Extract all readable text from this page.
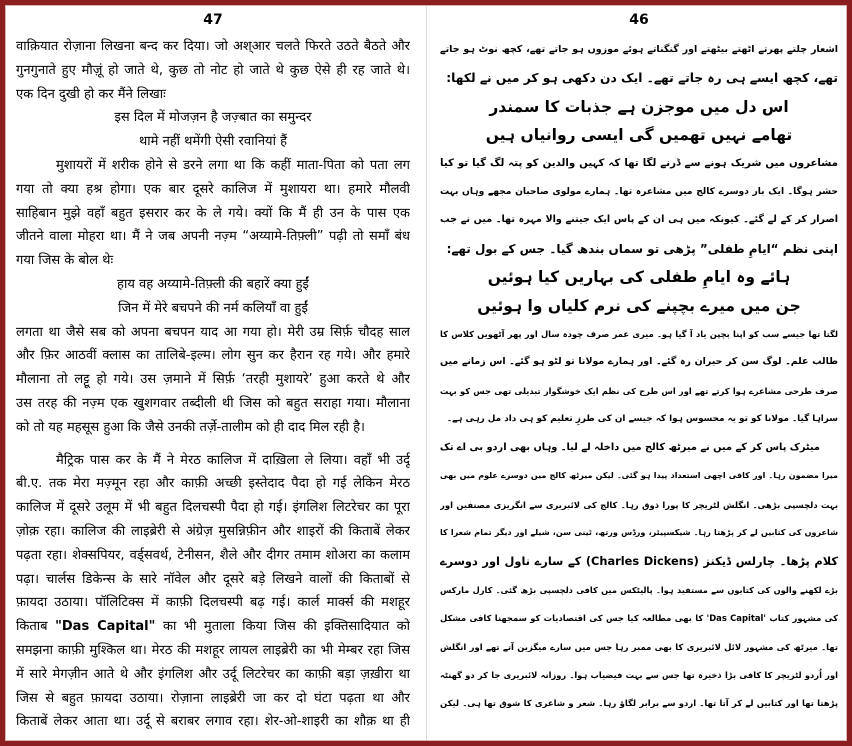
47
वाक़ियात रोज़ाना लिखना बन्द कर दिया। जो अश्आर चलते फिरते उठते बैठते और
गुनगुनाते हुए मौज़ूं हो जाते थे, कुछ तो नोट हो जाते थे कुछ ऐसे ही रह जाते थे।
एक दिन दुखी हो कर मैंने लिखाः
इस दिल में मोजज़न है जज़्बात का समुन्दर
थामे नहीं थमेंगी ऐसी रवानियां हैं
मुशायरों में शरीक होने से डरने लगा था कि कहीं माता-पिता को पता लग
गया तो क्या हश्र होगा। एक बार दूसरे कालिज में मुशायरा था। हमारे मौलवी
साहिबान मुझे वहाँ बहुत इसरार कर के ले गये। क्यों कि मैं ही उन के पास एक
जीतने वाला मोहरा था। मैं ने जब अपनी नज़्म “अय्यामे-तिफ़्ली” पढ़ी तो समाँ बंध
गया जिस के बोल थेः
हाय वह अय्यामे-तिफ़्ली की बहारें क्या हुईं
जिन में मेरे बचपने की नर्म कलियाँ वा हुईं
लगता था जैसे सब को अपना बचपन याद आ गया हो। मेरी उम्र सिर्फ़ चौदह साल
और फ़िर आठवीं क्लास का तालिबे-इल्म। लोग सुन कर हैरान रह गये। और हमारे
मौलाना तो लट्टू हो गये। उस ज़माने में सिर्फ़ ‘तरही मुशायरे’ हुआ करते थे और
उस तरह की नज़्म एक खुशगवार तब्दीली थी जिस को बहुत सराहा गया। मौलाना
को तो यह महसूस हुआ कि जैसे उनकी तर्ज़े-तालीम को ही दाद मिल रही है।
मैट्रिक पास कर के मैं ने मेरठ कालिज में दाख़िला ले लिया। वहाँ भी उर्दू
बी.ए. तक मेरा मज़्मून रहा और काफ़ी अच्छी इस्तेदाद पैदा हो गई लेकिन मेरठ
कालिज में दूसरे उलूम में भी बहुत दिलचस्पी पैदा हो गई। इंगलिश लिटरेचर का पूरा
ज़ोक़ रहा। कालिज की लाइब्रेरी से अंग्रेज़ मुसन्निफ़ीन और शाइरों की किताबें लेकर
पढ़ता रहा। शेक्सपियर, वर्ड्सवर्थ, टेनीसन, शैले और दीगर तमाम शोअरा का कलाम
पढ़ा। चार्लस डिकेन्स के सारे नॉवेल और दूसरे बड़े लिखने वालों की किताबों से
फ़ायदा उठाया। पॉलिटिक्स में काफ़ी दिलचस्पी बढ़ गई। कार्ल मार्क्स की मशहूर
किताब "Das Capital" का भी मुताला किया जिस की इक्तिसादियात को
समझना काफ़ी मुश्किल था। मेरठ की मशहूर लायल लाइब्रेरी का भी मेम्बर रहा जिस
में सारे मेगज़ीन आते थे और इंगलिश और उर्दू लिटरेचर का काफ़ी बड़ा ज़ख़ीरा था
जिस से बहुत फ़ायदा उठाया। रोज़ाना लाइब्रेरी जा कर दो घंटा पढ़ता था और
किताबें लेकर आता था। उर्दू से बराबर लगाव रहा। शेर-ओ-शाइरी का शौक़ था ही
46
اشعار چلتے پھرتے اٹھتے بیٹھتے اور گنگناتے ہوئے موزوں ہو جاتے تھے، کچھ نوٹ ہو جاتے
تھے، کچھ ایسے ہی رہ جاتے تھے۔ ایک دن دکھی ہو کر میں نے لکھا:
اس دل میں موجزن ہے جذبات کا سمندر
تھامے نہیں تھمیں گی ایسی روانیاں ہیں
مشاعروں میں شریک ہونے سے ڈرنے لگا تھا کہ کہیں والدین کو پتہ لگ گیا تو کیا
حشر ہوگا۔ ایک بار دوسرے کالج میں مشاعرہ تھا۔ ہمارے مولوی صاحبان مجھے وہاں بہت
اصرار کر کے لے گئے۔ کیونکہ میں ہی ان کے پاس ایک جیتنے والا مہرہ تھا۔ میں نے جب
اپنی نظم “ایامِ طفلی” پڑھی تو سماں بندھ گیا۔ جس کے بول تھے:
ہائے وہ ایامِ طفلی کی بہاریں کیا ہوئیں
جن میں میرے بچپنے کی نرم کلیاں وا ہوئیں
لگتا تھا جیسے سب کو اپنا بچپن یاد آ گیا ہو۔ میری عمر صرف چودہ سال اور پھر آٹھویں کلاس کا
طالب علم۔ لوگ سن کر حیران رہ گئے۔ اور ہمارے مولانا تو لٹو ہو گئے۔ اس زمانے میں
صرف طرحی مشاعرے ہوا کرتے تھے اور اس طرح کی نظم ایک خوشگوار تبدیلی تھی جس کو بہت
سراہا گیا۔ مولانا کو تو یہ محسوس ہوا کہ جیسے ان کی طرزِ تعلیم کو ہی داد مل رہی ہے۔
میٹرک پاس کر کے میں نے میرٹھ کالج میں داخلہ لے لیا۔ وہاں بھی اردو بی اے تک
میرا مضمون رہا۔ اور کافی اچھی استعداد پیدا ہو گئی۔ لیکن میرٹھ کالج میں دوسرے علوم میں بھی
بہت دلچسپی بڑھی۔ انگلش لٹریچر کا پورا ذوق رہا۔ کالج کی لائبریری سے انگریزی مصنفین اور
شاعروں کی کتابیں لے کر پڑھتا رہا۔ شیکسپیئر، ورڈس ورتھ، ٹینی سن، شیلے اور دیگر تمام شعرا کا
کلام پڑھا۔ چارلس ڈیکنز (Charles Dickens) کے سارے ناول اور دوسرے
بڑے لکھنے والوں کی کتابوں سے مستفید ہوا۔ پالیٹکس میں کافی دلچسپی بڑھ گئی۔ کارل مارکس
کی مشہور کتاب 'Das Capital' کا بھی مطالعہ کیا جس کی اقتصادیات کو سمجھنا کافی مشکل
تھا۔ میرٹھ کی مشہور لائل لائبریری کا بھی ممبر رہا جس میں سارے میگزین آتے تھے اور انگلش
اور اُردو لٹریچر کا کافی بڑا ذخیرہ تھا جس سے بہت فیضیاب ہوا۔ روزانہ لائبریری جا کر دو گھنٹہ
پڑھتا تھا اور کتابیں لے کر آتا تھا۔ اردو سے برابر لگاؤ رہا۔ شعر و شاعری کا شوق تھا ہی۔ لیکن
